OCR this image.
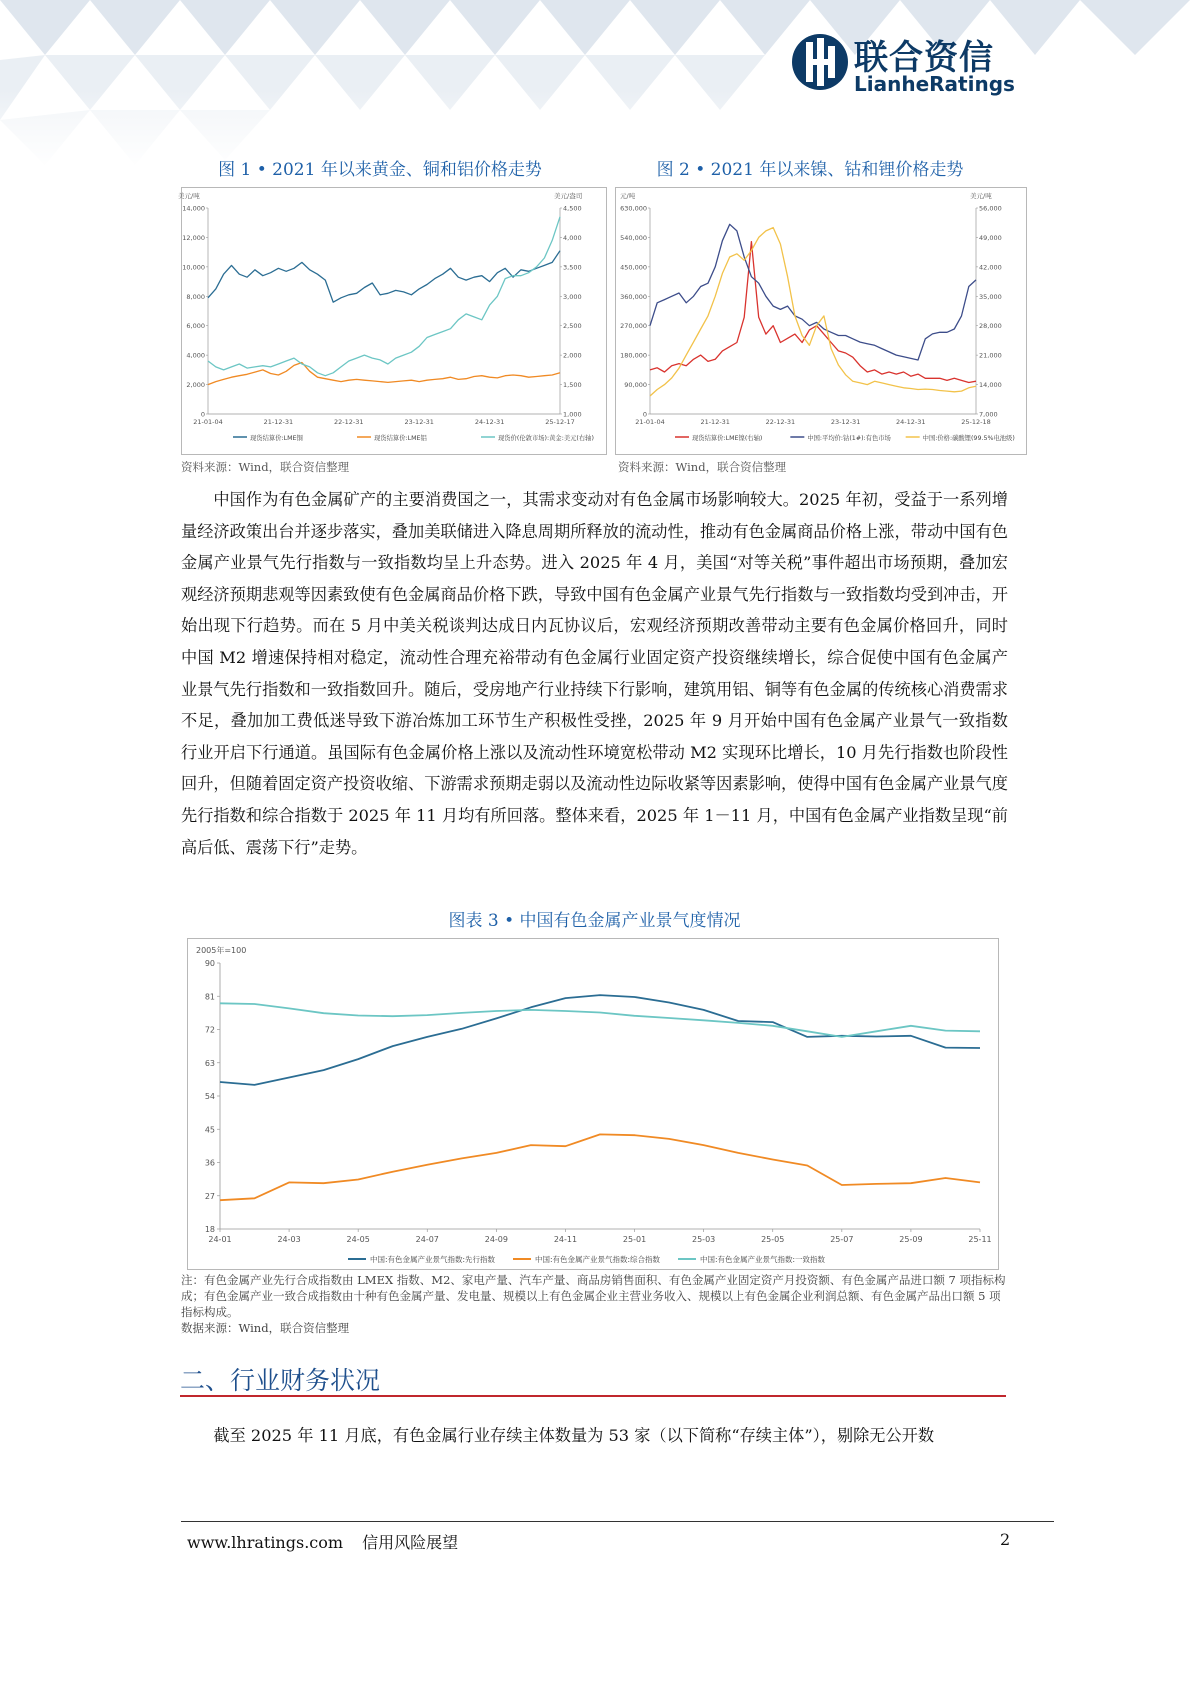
联合资信
LianheRatings
图 1 • 2021 年以来黄金、铜和铝价格走势
美元/吨	美元/盎司
14,000
12,000
10,000
8,000
6,000
4,000
2,000
0
4,500
4,000
3,500
3,000
2,500
2,000
1,500
1,000
21-01-04	21-12-31	22-12-31	23-12-31	24-12-31	25-12-17
现货结算价:LME铜	现货结算价:LME铝	现货价(伦敦市场):黄金:美元(右轴)
资料来源：Wind，联合资信整理
图 2 • 2021 年以来镍、钴和锂价格走势
元/吨	美元/吨
630,000
540,000
450,000
360,000
270,000
180,000
90,000
0
56,000
49,000
42,000
35,000
28,000
21,000
14,000
7,000
21-01-04	21-12-31	22-12-31	23-12-31	24-12-31	25-12-18
现货结算价:LME镍(右轴)	中国:平均价:钴(1#):有色市场	中国:价格:碳酸锂(99.5%电池级)
资料来源：Wind，联合资信整理
中国作为有色金属矿产的主要消费国之一，其需求变动对有色金属市场影响较大。2025 年初，受益于一系列增量经济政策出台并逐步落实，叠加美联储进入降息周期所释放的流动性，推动有色金属商品价格上涨，带动中国有色金属产业景气先行指数与一致指数均呈上升态势。进入 2025 年 4 月，美国“对等关税”事件超出市场预期，叠加宏观经济预期悲观等因素致使有色金属商品价格下跌，导致中国有色金属产业景气先行指数与一致指数均受到冲击，开始出现下行趋势。而在 5 月中美关税谈判达成日内瓦协议后，宏观经济预期改善带动主要有色金属价格回升，同时中国 M2 增速保持相对稳定，流动性合理充裕带动有色金属行业固定资产投资继续增长，综合促使中国有色金属产业景气先行指数和一致指数回升。随后，受房地产行业持续下行影响，建筑用铝、铜等有色金属的传统核心消费需求不足，叠加加工费低迷导致下游冶炼加工环节生产积极性受挫，2025 年 9 月开始中国有色金属产业景气一致指数行业开启下行通道。虽国际有色金属价格上涨以及流动性环境宽松带动 M2 实现环比增长，10 月先行指数也阶段性回升，但随着固定资产投资收缩、下游需求预期走弱以及流动性边际收紧等因素影响，使得中国有色金属产业景气度先行指数和综合指数于 2025 年 11 月均有所回落。整体来看，2025 年 1－11 月，中国有色金属产业指数呈现“前高后低、震荡下行”走势。
图表 3 • 中国有色金属产业景气度情况
2005年=100
90
81
72
63
54
45
36
27
18
24-01	24-03	24-05	24-07	24-09	24-11	25-01	25-03	25-05	25-07	25-09	25-11
中国:有色金属产业景气指数:先行指数	中国:有色金属产业景气指数:综合指数	中国:有色金属产业景气指数:一致指数
注：有色金属产业先行合成指数由 LMEX 指数、M2、家电产量、汽车产量、商品房销售面积、有色金属产业固定资产月投资额、有色金属产品进口额 7 项指标构成；有色金属产业一致合成指数由十种有色金属产量、发电量、规模以上有色金属企业主营业务收入、规模以上有色金属企业利润总额、有色金属产品出口额 5 项指标构成。
数据来源：Wind，联合资信整理
二、行业财务状况
截至 2025 年 11 月底，有色金属行业存续主体数量为 53 家（以下简称“存续主体”），剔除无公开数
www.lhratings.com 信用风险展望	2
